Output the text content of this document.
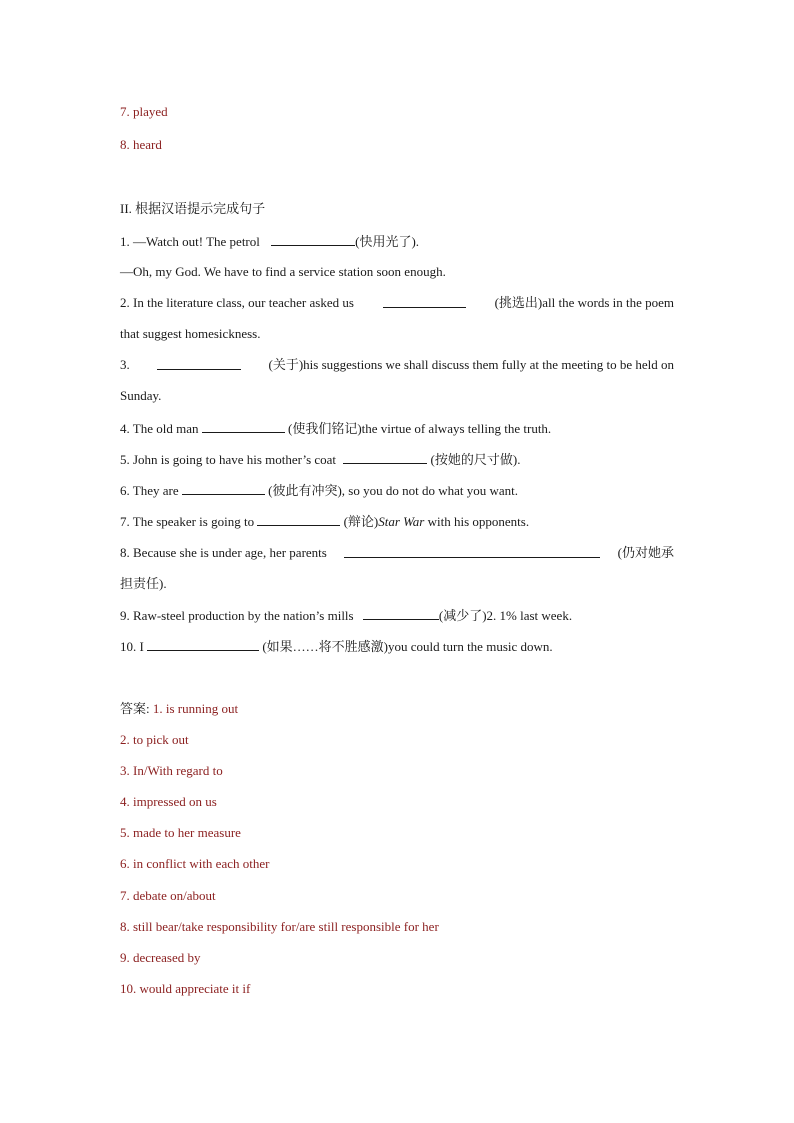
7. played
8. heard
II. 根据汉语提示完成句子
1. —Watch out! The petrol	(快用光了).
—Oh, my God. We have to find a service station soon enough.
2. In the literature class, our teacher asked us	(挑选出)all the words in the poem
that suggest homesickness.
3.	(关于)his suggestions we shall discuss them fully at the meeting to be held on
Sunday.
4. The old man	(使我们铭记)the virtue of always telling the truth.
5. John is going to have his mother’s coat	(按她的尺寸做).
6. They are	(彼此有冲突), so you do not do what you want.
7. The speaker is going to	(辩论)Star War with his opponents.
8. Because she is under age, her parents	(仍对她承
担责任).
9. Raw-steel production by the nation’s mills	(减少了)2. 1% last week.
10. I	(如果……将不胜感激)you could turn the music down.
答案: 1. is running out
2. to pick out
3. In/With regard to
4. impressed on us
5. made to her measure
6. in conflict with each other
7. debate on/about
8. still bear/take responsibility for/are still responsible for her
9. decreased by
10. would appreciate it if
